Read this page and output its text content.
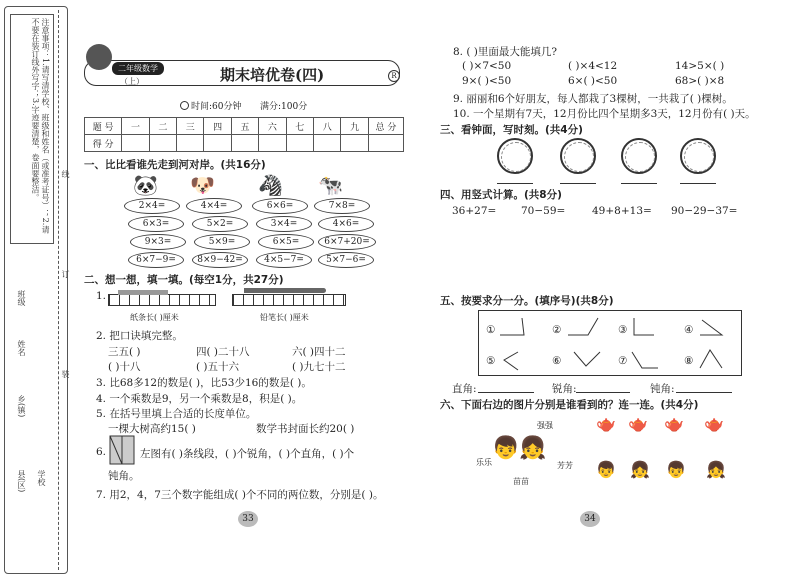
注意事项：1.请写清学校、班级和姓名（或准考证号）；2.请不要在装订线外写字；3.字迹要清楚，卷面要整洁。	线
订
装
姓名
班级
乡(镇)
学校
县(区)
二年级数学
（上）	期末培优卷(四)	R
时间:60分钟 满分:100分
题 号	一	二	三	四	五	六	七	八	九	总 分
得 分										
一、比比看谁先走到河对岸。(共16分)
🐼 🐶 🦓 🐄
2×4=
6×3=
9×3=
6×7−9=
4×4=
5×2=
5×9=
8×9−42=
6×6=
3×4=
6×5=
4×5−7=
7×8=
4×6=
6×7+20=
5×7−6=
二、想一想，填一填。(每空1分，共27分)
1.
纸条长( )厘米	铅笔长( )厘米
2. 把口诀填完整。
三五( )	四( )二十八	六( )四十二
( )十八	( )五十六	( )九七十二
3. 比68多12的数是( )，比53少16的数是( )。
4. 一个乘数是9，另一个乘数是8，积是( )。
5. 在括号里填上合适的长度单位。
一棵大树高约15( )	数学书封面长约20( )
6.	左图有( )条线段，( )个锐角，( )个直角，( )个
钝角。
7. 用2，4，7三个数字能组成( )个不同的两位数，分别是( )。
33
8. ( )里面最大能填几?
( )×7<50	( )×4<12	14>5×( )
9×( )<50	6×( )<50	68>( )×8
9. 丽丽和6个好朋友，每人都栽了3棵树，一共栽了( )棵树。
10. 一个星期有7天，12月份比四个星期多3天，12月份有( )天。
三、看钟面，写时刻。(共4分)
四、用竖式计算。(共8分)
36+27= 70−59=	49+8+13= 90−29−37=
五、按要求分一分。(填序号)(共8分)
①	②	③	④
⑤	⑥	⑦	⑧
直角:	锐角:	钝角:
六、下面右边的图片分别是谁看到的？连一连。(共4分)
👦👧
强强
乐乐	芳芳
苗苗
🫖 🫖 🫖 🫖
👦 👧 👦 👧
34
